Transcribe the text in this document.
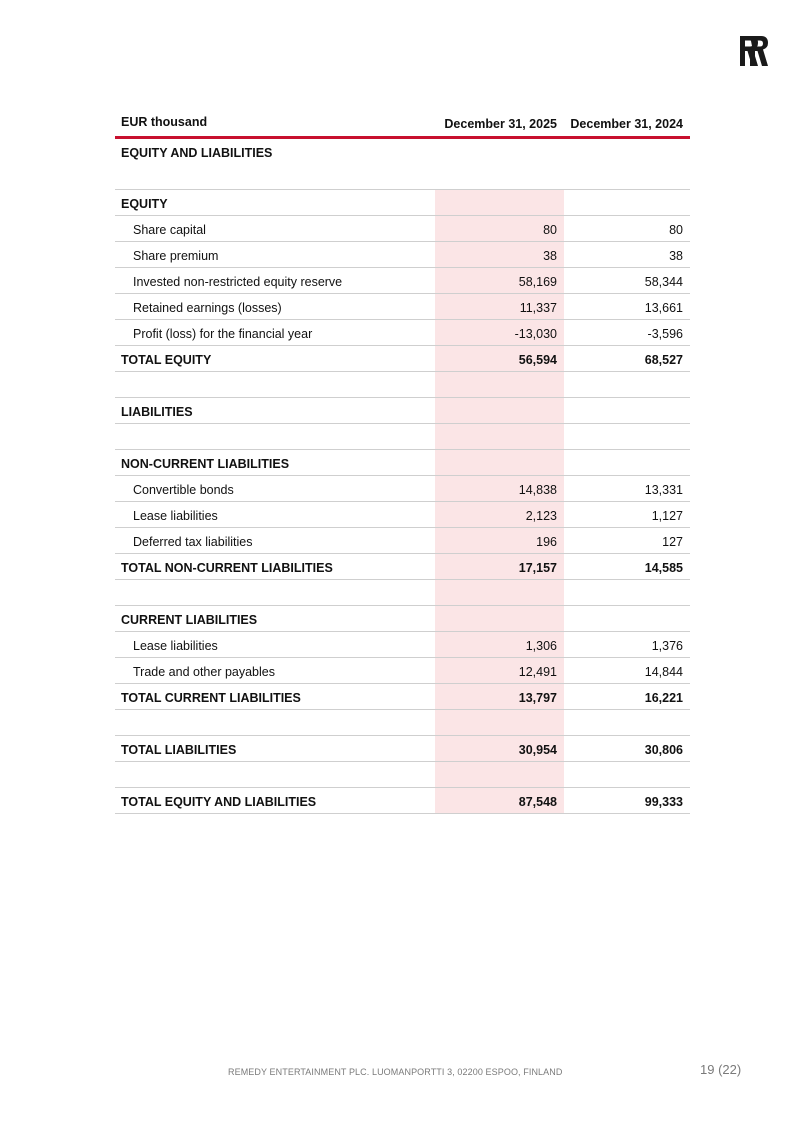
EUR thousand	December 31, 2025	December 31, 2024
EQUITY AND LIABILITIES
EQUITY
Share capital	80	80
Share premium	38	38
Invested non-restricted equity reserve	58,169	58,344
Retained earnings (losses)	11,337	13,661
Profit (loss) for the financial year	-13,030	-3,596
TOTAL EQUITY	56,594	68,527
LIABILITIES
NON-CURRENT LIABILITIES
Convertible bonds	14,838	13,331
Lease liabilities	2,123	1,127
Deferred tax liabilities	196	127
TOTAL NON-CURRENT LIABILITIES	17,157	14,585
CURRENT LIABILITIES
Lease liabilities	1,306	1,376
Trade and other payables	12,491	14,844
TOTAL CURRENT LIABILITIES	13,797	16,221
TOTAL LIABILITIES	30,954	30,806
TOTAL EQUITY AND LIABILITIES	87,548	99,333
REMEDY ENTERTAINMENT PLC. LUOMANPORTTI 3, 02200 ESPOO, FINLAND	19 (22)
